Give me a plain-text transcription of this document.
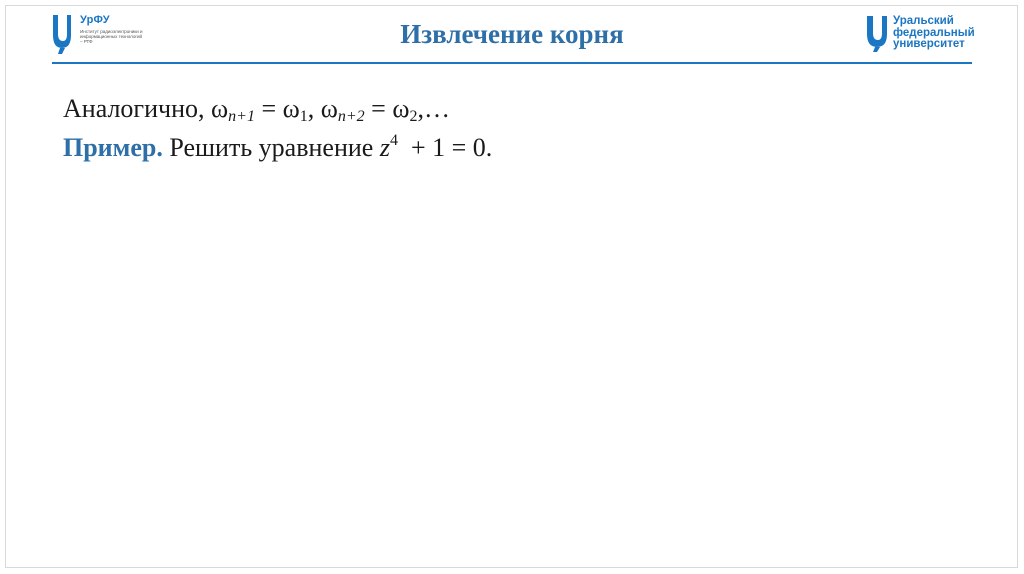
УрФУ
Институт радиоэлектроники и информационных технологий – РТФ	Извлечение корня	Уральский
федеральный
университет
Аналогично, $\omega_{n+1} = \omega_1$, $\omega_{n+2}$ = $\omega_2,\dots$
Пример. Решить уравнение $z^4 + 1 = 0$.
